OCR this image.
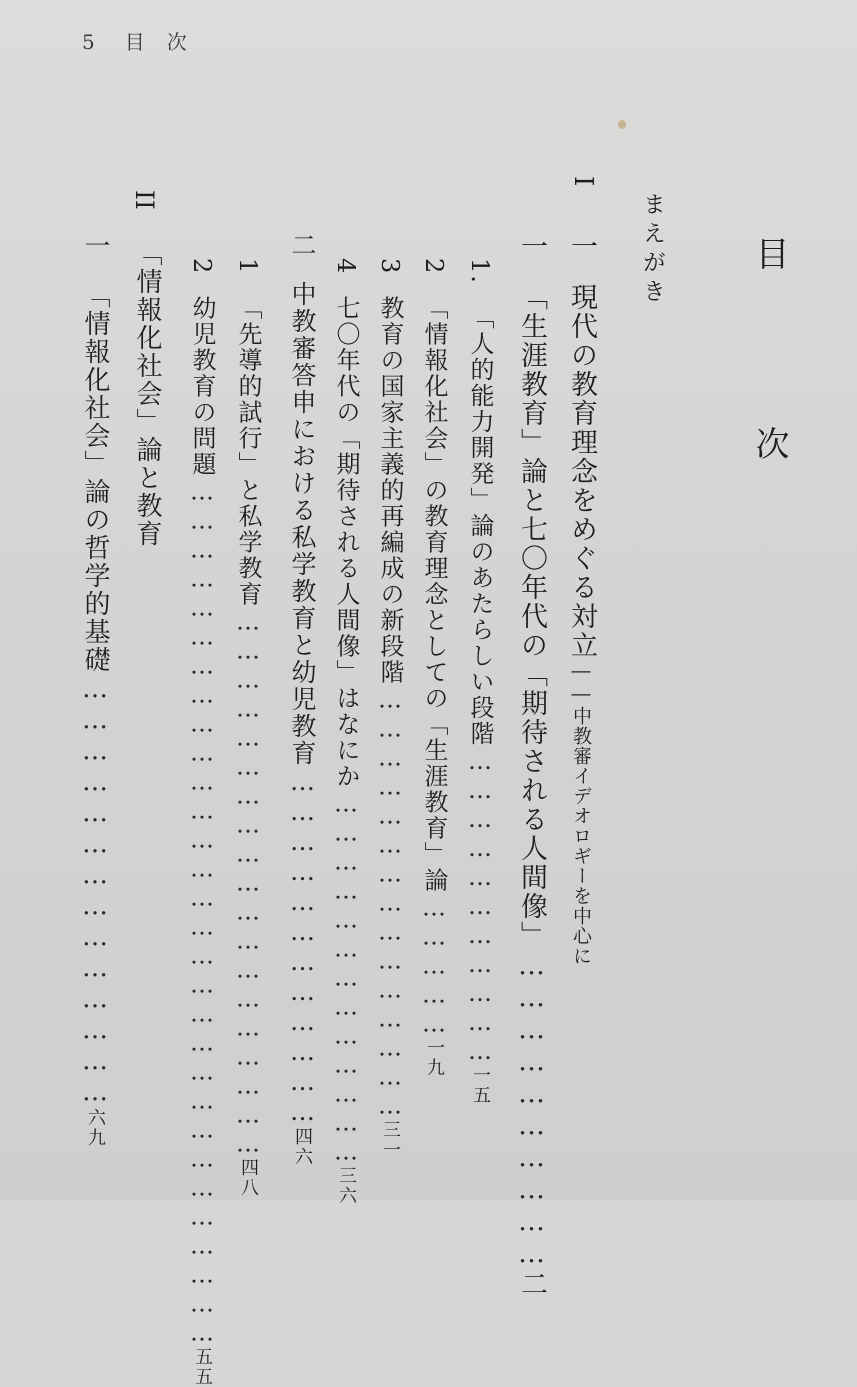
5 目次
目 次
まえがき
I
一現代の教育理念をめぐる対立――中教審イデオロギーを中心に
一「生涯教育」論と七〇年代の「期待される人間像」…………………………二
1.「人的能力開発」論のあたらしい段階……………………………一五
2「情報化社会」の教育理念としての「生涯教育」論……………一九
3教育の国家主義的再編成の新段階………………………………………三一
4七〇年代の「期待される人間像」はなにか…………………………………三六
二中教審答申における私学教育と幼児教育………………………………四六
1「先導的試行」と私学教育…………………………………………………四八
2幼児教育の問題………………………………………………………………………………五五
II
「情報化社会」論と教育
一「情報化社会」論の哲学的基礎……………………………………六九
